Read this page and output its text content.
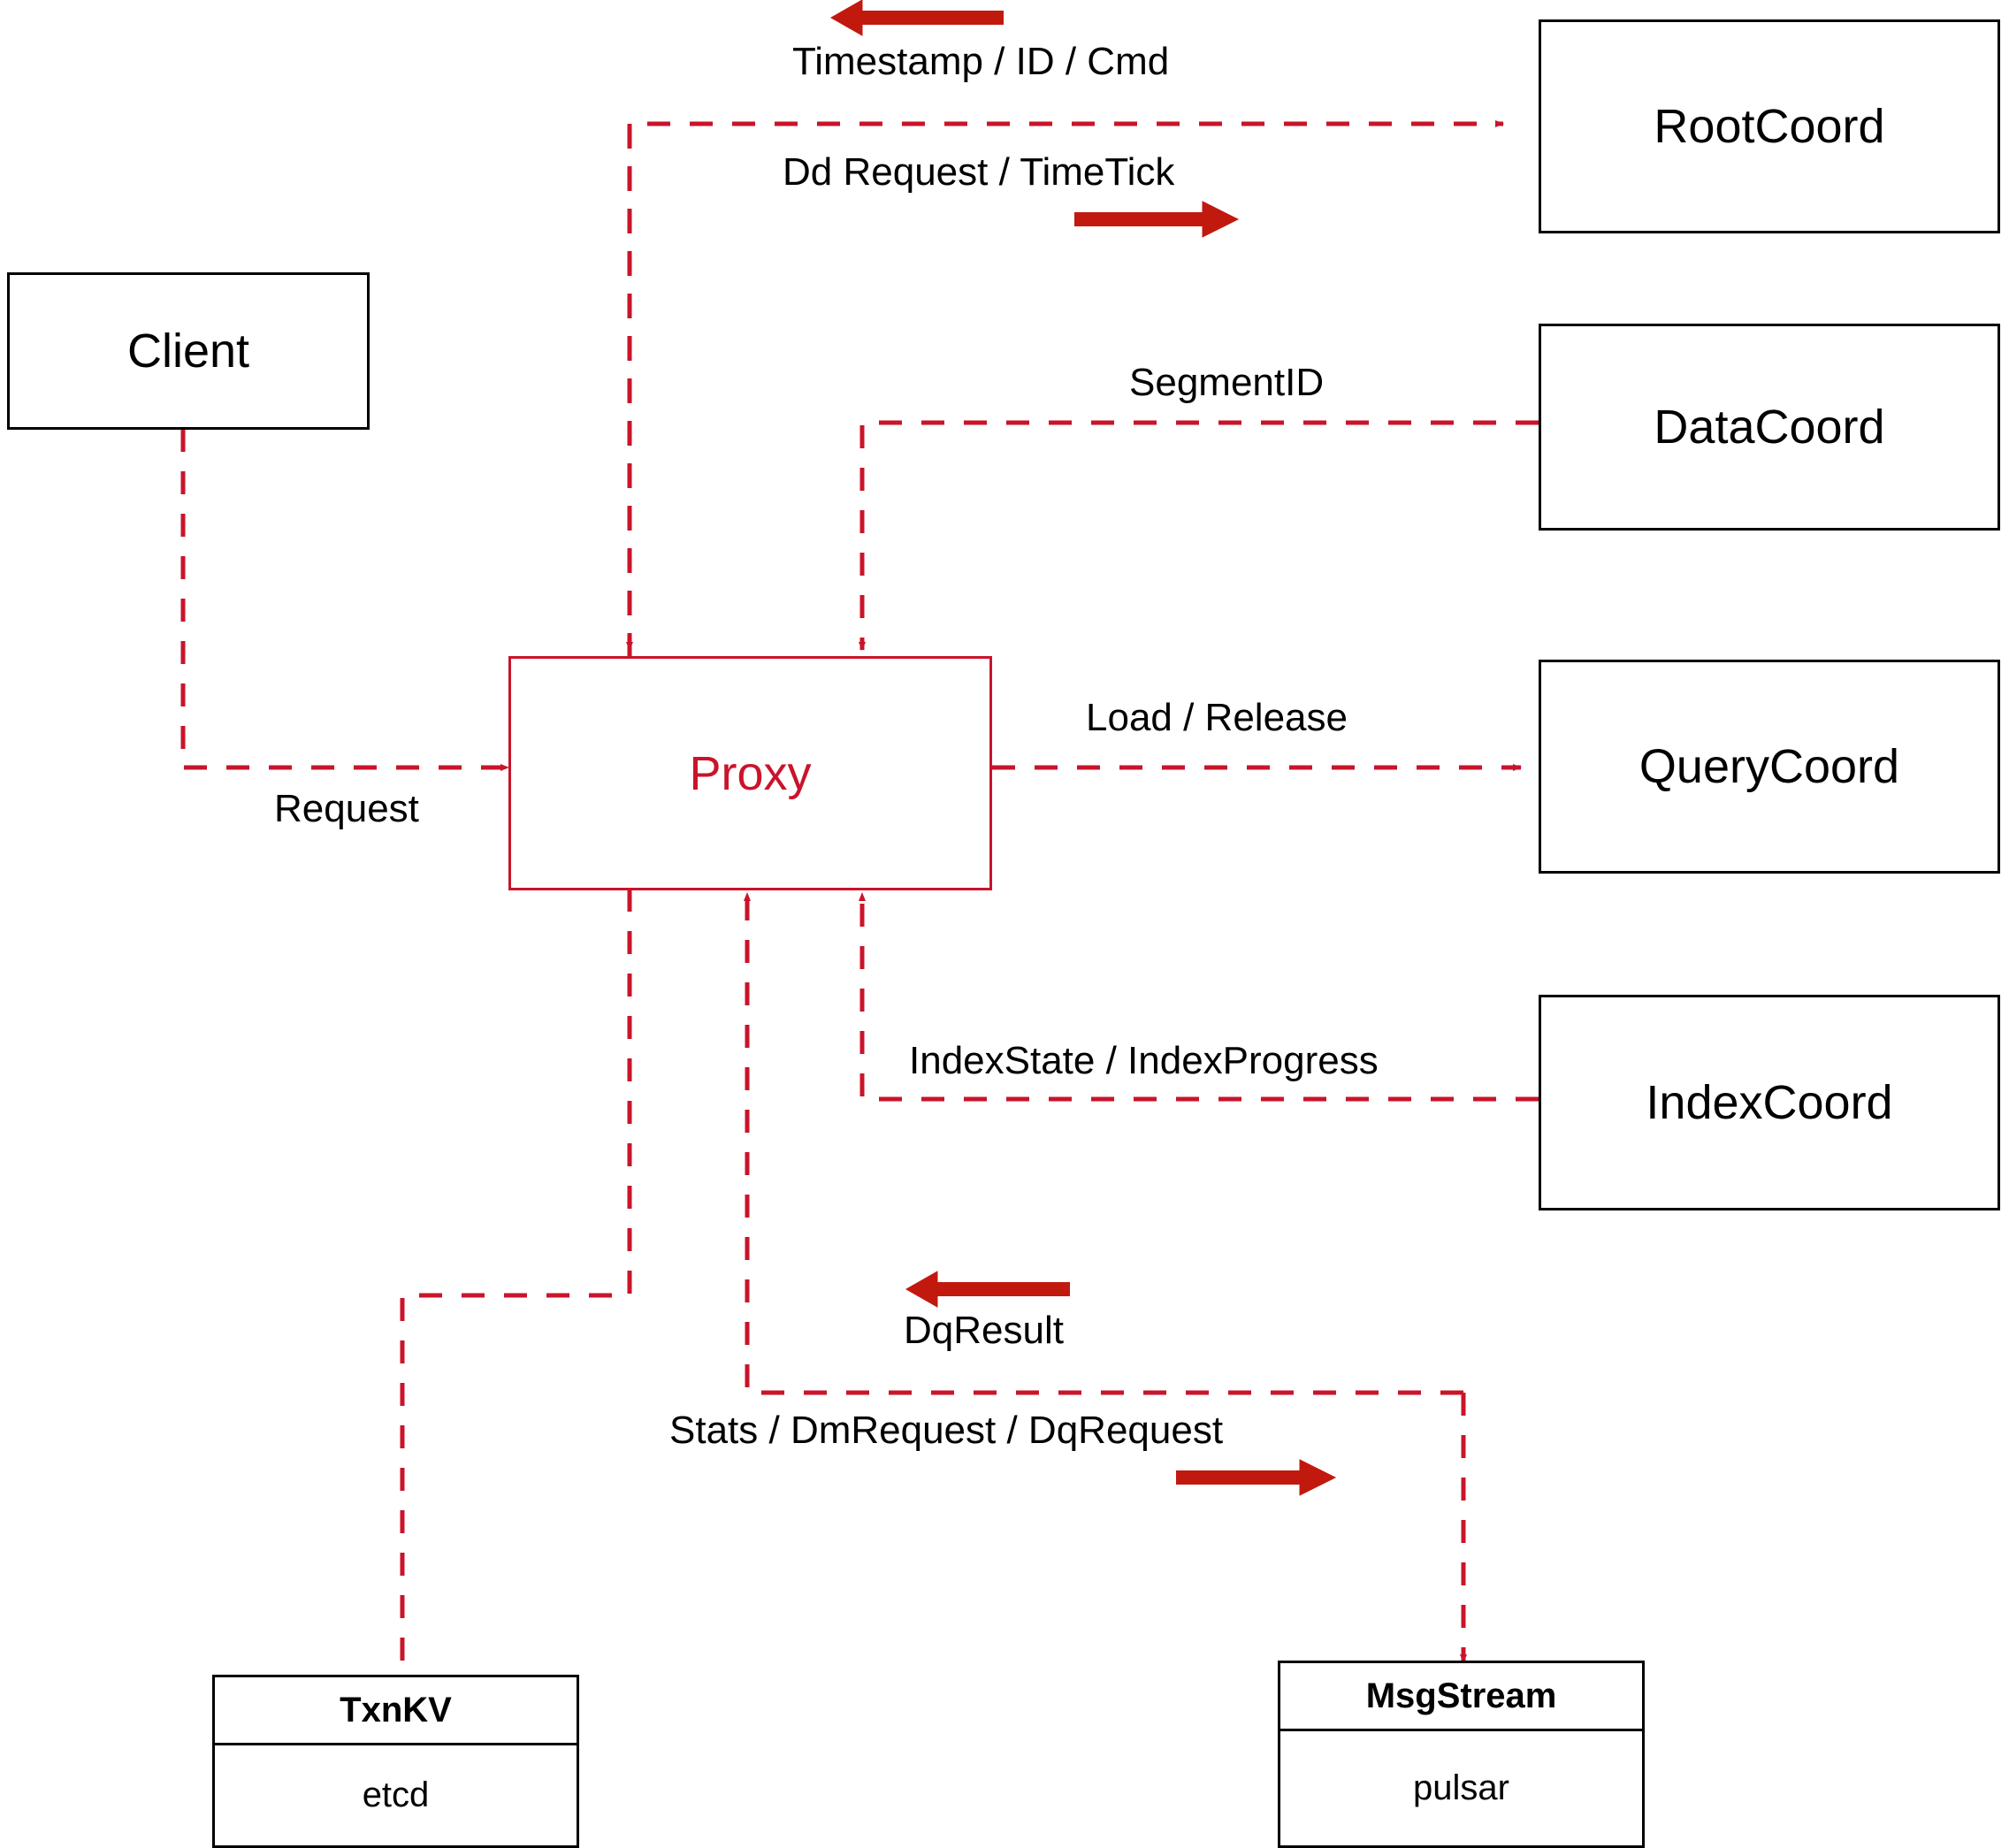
Client
Proxy
RootCoord
DataCoord
QueryCoord
IndexCoord
TxnKV
etcd
MsgStream
pulsar
Timestamp / ID / Cmd
Dd Request / TimeTick
SegmentID
Request
Load / Release
IndexState / IndexProgress
DqResult
Stats / DmRequest / DqRequest
